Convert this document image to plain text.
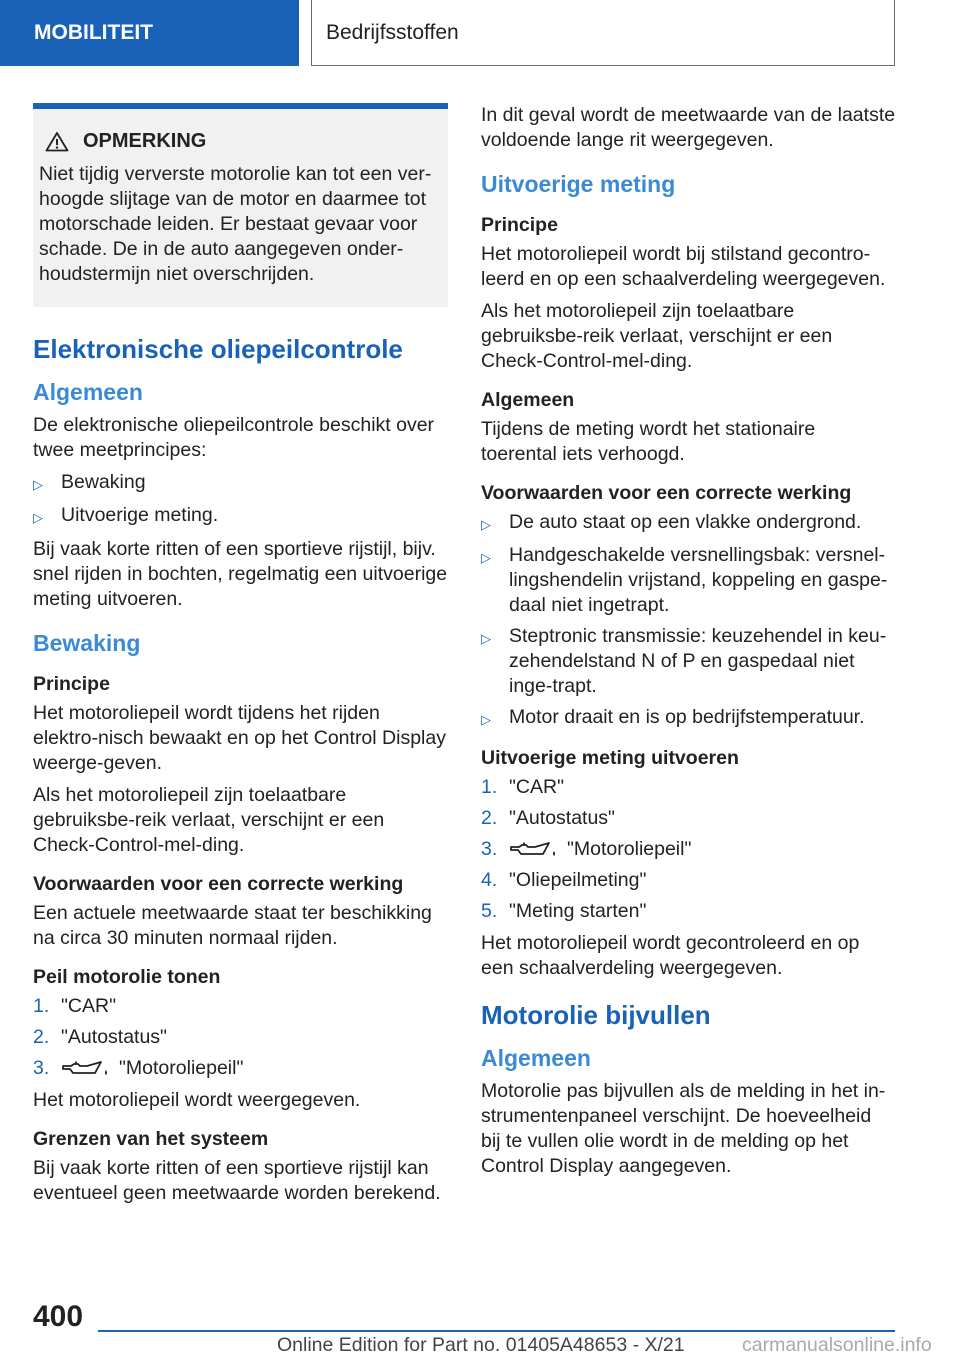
MOBILITEIT	Bedrijfsstoffen
OPMERKING

Niet tijdig ververste motorolie kan tot een ver-hoogde slijtage van de motor en daarmee tot motorschade leiden. Er bestaat gevaar voor schade. De in de auto aangegeven onder-houdstermijn niet overschrijden.

Elektronische oliepeilcontrole
Algemeen

De elektronische oliepeilcontrole beschikt over twee meetprincipes:

▷ Bewaking
▷ Uitvoerige meting.

Bij vaak korte ritten of een sportieve rijstijl, bijv. snel rijden in bochten, regelmatig een uitvoerige meting uitvoeren.

Bewaking
Principe

Het motoroliepeil wordt tijdens het rijden elektro-nisch bewaakt en op het Control Display weerge-geven.

Als het motoroliepeil zijn toelaatbare gebruiksbe-reik verlaat, verschijnt er een Check-Control-mel-ding.

Voorwaarden voor een correcte werking

Een actuele meetwaarde staat ter beschikking na circa 30 minuten normaal rijden.

Peil motorolie tonen
1. "CAR"
2. "Autostatus"
3.	"Motoroliepeil"

Het motoroliepeil wordt weergegeven.

Grenzen van het systeem

Bij vaak korte ritten of een sportieve rijstijl kan eventueel geen meetwaarde worden berekend.

In dit geval wordt de meetwaarde van de laatste voldoende lange rit weergegeven.

Uitvoerige meting
Principe

Het motoroliepeil wordt bij stilstand gecontro-leerd en op een schaalverdeling weergegeven.

Als het motoroliepeil zijn toelaatbare gebruiksbe-reik verlaat, verschijnt er een Check-Control-mel-ding.

Algemeen

Tijdens de meting wordt het stationaire toerental iets verhoogd.

Voorwaarden voor een correcte werking
▷ De auto staat op een vlakke ondergrond.
▷ Handgeschakelde versnellingsbak: versnel-lingshendelin vrijstand, koppeling en gaspe-daal niet ingetrapt.
▷ Steptronic transmissie: keuzehendel in keu-zehendelstand N of P en gaspedaal niet inge-trapt.
▷ Motor draait en is op bedrijfstemperatuur.
Uitvoerige meting uitvoeren
1. "CAR"
2. "Autostatus"
3.	"Motoroliepeil"
4. "Oliepeilmeting"
5. "Meting starten"

Het motoroliepeil wordt gecontroleerd en op een schaalverdeling weergegeven.

Motorolie bijvullen
Algemeen

Motorolie pas bijvullen als de melding in het in-strumentenpaneel verschijnt. De hoeveelheid bij te vullen olie wordt in de melding op het Control Display aangegeven.

400
Online Edition for Part no. 01405A48653 - X/21	carmanualsonline.info
